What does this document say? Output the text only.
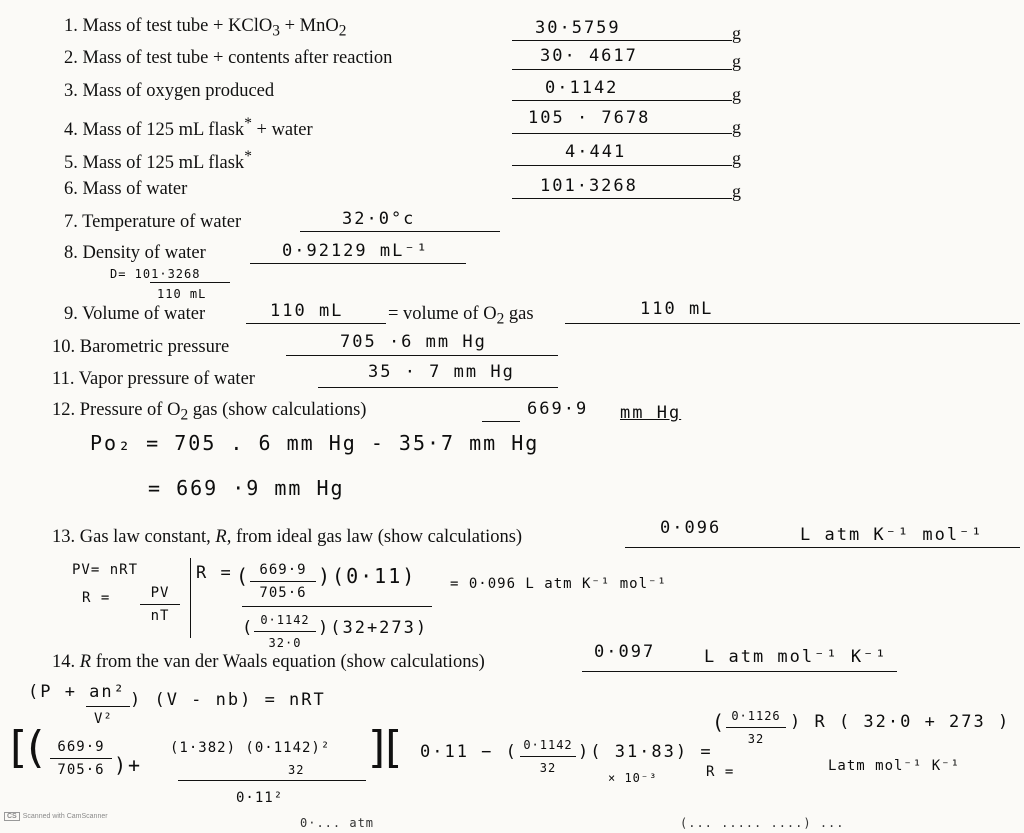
1. Mass of test tube + KClO$_3$ + MnO$_2$	30·5759	g
2. Mass of test tube + contents after reaction	30· 4617	g
3. Mass of oxygen produced	0·1142	g
4. Mass of 125 mL flask* + water
105 · 7678	g
5. Mass of 125 mL flask*	4·441	g
6. Mass of water	101·3268	g
7. Temperature of water	32·0°c
8. Density of water	0·92129 mL⁻¹
D= 101·3268
110 mL
9. Volume of water	110 mL = volume of $O_2$ gas	110 mL
10. Barometric pressure	705 ·6 mm Hg
11. Vapor pressure of water	35 · 7 mm Hg
12. Pressure of $O_2$ gas (show calculations)	669·9 mm Hg
Po₂ = 705 . 6 mm Hg - 35·7 mm Hg
= 669 ·9 mm Hg
13. Gas law constant, R, from ideal gas law (show calculations)	0·096	L atm K⁻¹ mol⁻¹
PV= nRT
R =	PV
nT
R = ( 669·9
705·6
)(0·11)
( 0·1142
32·0
)(32+273)
= 0·096 L atm K⁻¹ mol⁻¹
14. R from the van der Waals equation (show calculations)	0·097	L atm mol⁻¹ K⁻¹
(P + an²
V²
) (V - nb) = nRT
[( 669·9
705·6 )+
(1·382) (0·1142)²
32
0·11²
][ 0·11 − ( 0·1142
32
)( 31·83) =
× 10⁻³
( 0·1126
32
) R ( 32·0 + 273 )
R =	Latm mol⁻¹ K⁻¹
0·... atm	(... ..... ....) ...
CS Scanned with CamScanner
